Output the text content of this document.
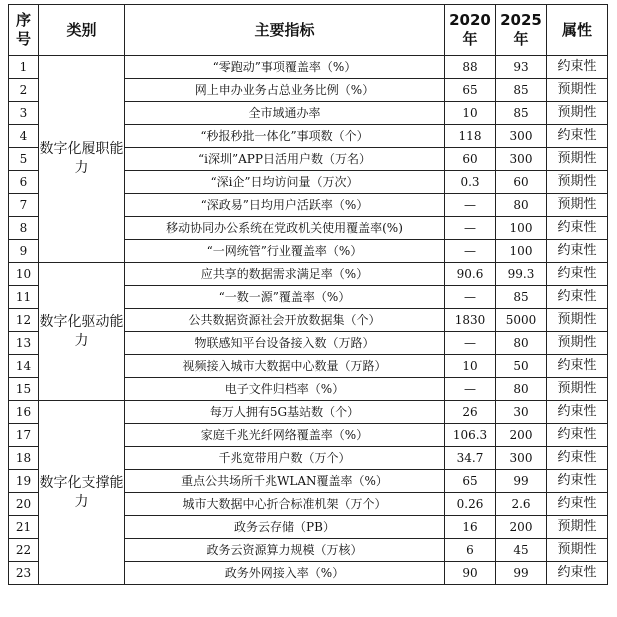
序号	类别	主要指标	2020年	2025年	属性
1	数字化履职能力	“零跑动”事项覆盖率（%）	88	93	约束性
2		网上申办业务占总业务比例（%）	65	85	预期性
3		全市域通办率	10	85	预期性
4		“秒报秒批一体化”事项数（个）	118	300	约束性
5		“i深圳”APP日活用户数（万名）	60	300	预期性
6		“深i企”日均访问量（万次）	0.3	60	预期性
7		“深政易”日均用户活跃率（%）	—	80	预期性
8		移动协同办公系统在党政机关使用覆盖率(%)	—	100	约束性
9		“一网统管”行业覆盖率（%）	—	100	约束性
10	数字化驱动能力	应共享的数据需求满足率（%）	90.6	99.3	约束性
11		“一数一源”覆盖率（%）	—	85	约束性
12		公共数据资源社会开放数据集（个）	1830	5000	预期性
13		物联感知平台设备接入数（万路）	—	80	预期性
14		视频接入城市大数据中心数量（万路）	10	50	约束性
15		电子文件归档率（%）	—	80	预期性
16	数字化支撑能力	每万人拥有5G基站数（个）	26	30	约束性
17		家庭千兆光纤网络覆盖率（%）	106.3	200	约束性
18		千兆宽带用户数（万个）	34.7	300	约束性
19		重点公共场所千兆WLAN覆盖率（%）	65	99	约束性
20		城市大数据中心折合标准机架（万个）	0.26	2.6	约束性
21		政务云存储（PB）	16	200	预期性
22		政务云资源算力规模（万核）	6	45	预期性
23		政务外网接入率（%）	90	99	约束性
